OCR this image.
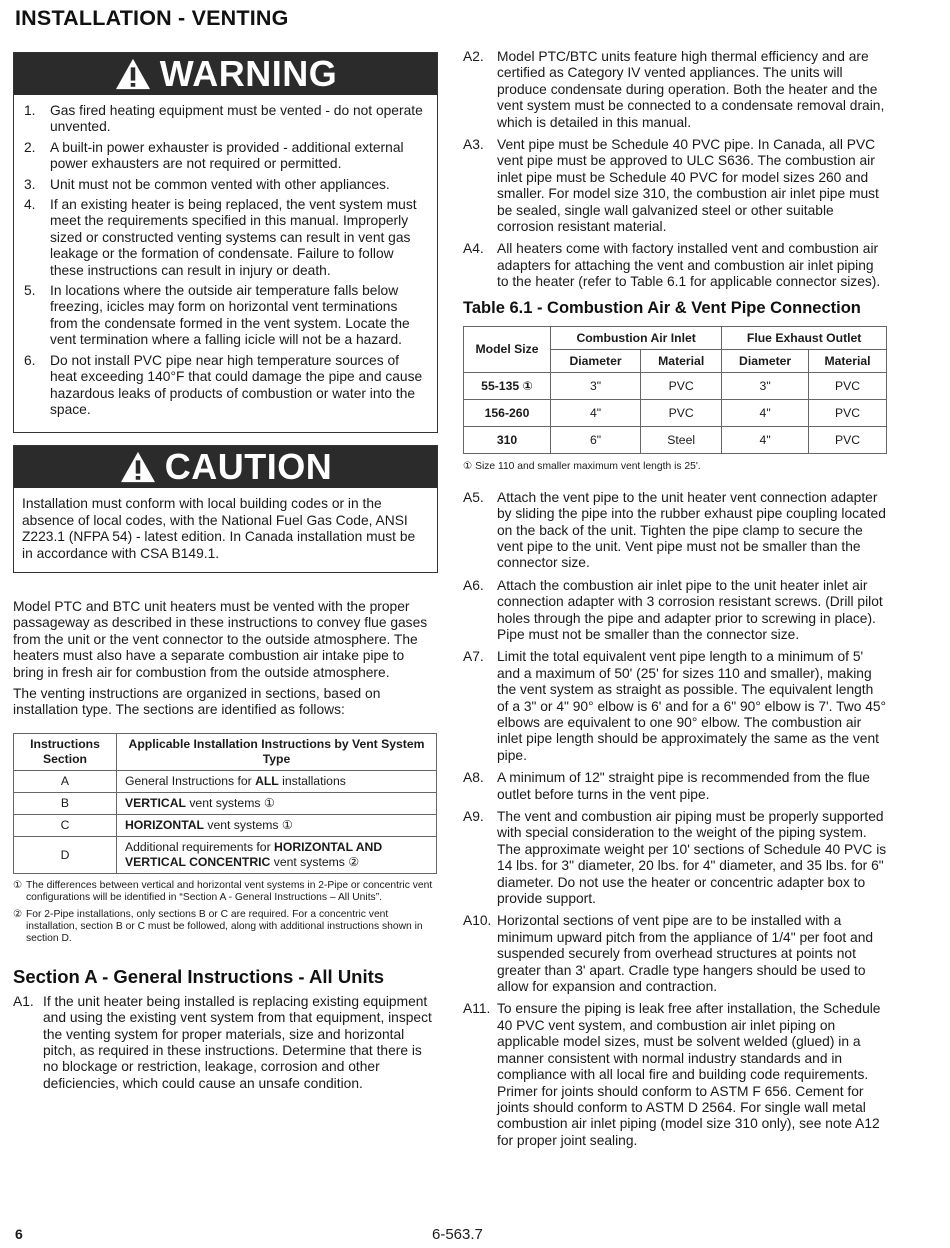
INSTALLATION - VENTING
WARNING
1.	Gas fired heating equipment must be vented - do not operate unvented.
2.	A built-in power exhauster is provided - additional external power exhausters are not required or permitted.
3.	Unit must not be common vented with other appliances.
4.	If an existing heater is being replaced, the vent system must meet the requirements specified in this manual. Improperly sized or constructed venting systems can result in vent gas leakage or the formation of condensate. Failure to follow these instructions can result in injury or death.
5.	In locations where the outside air temperature falls below freezing, icicles may form on horizontal vent terminations from the condensate formed in the vent system. Locate the vent termination where a falling icicle will not be a hazard.
6.	Do not install PVC pipe near high temperature sources of heat exceeding 140°F that could damage the pipe and cause hazardous leaks of products of combustion or water into the space.
CAUTION

Installation must conform with local building codes or in the absence of local codes, with the National Fuel Gas Code, ANSI Z223.1 (NFPA 54) - latest edition. In Canada installation must be in accordance with CSA B149.1.

Model PTC and BTC unit heaters must be vented with the proper passageway as described in these instructions to convey flue gases from the unit or the vent connector to the outside atmosphere. The heaters must also have a separate combustion air intake pipe to bring in fresh air for combustion from the outside atmosphere.

The venting instructions are organized in sections, based on installation type. The sections are identified as follows:

Instructions Section	Applicable Installation Instructions by Vent System Type
A	General Instructions for ALL installations
B	VERTICAL vent systems ①
C	HORIZONTAL vent systems ①
D	Additional requirements for HORIZONTAL AND
VERTICAL CONCENTRIC vent systems ②
① The differences between vertical and horizontal vent systems in 2-Pipe or concentric vent configurations will be identified in “Section A - General Instructions – All Units”.
② For 2-Pipe installations, only sections B or C are required. For a concentric vent installation, section B or C must be followed, along with additional instructions shown in section D.
Section A - General Instructions - All Units
A1. If the unit heater being installed is replacing existing equipment and using the existing vent system from that equipment, inspect the venting system for proper materials, size and horizontal pitch, as required in these instructions. Determine that there is no blockage or restriction, leakage, corrosion and other deficiencies, which could cause an unsafe condition.
A2. Model PTC/BTC units feature high thermal efficiency and are certified as Category IV vented appliances. The units will produce condensate during operation. Both the heater and the vent system must be connected to a condensate removal drain, which is detailed in this manual.
A3. Vent pipe must be Schedule 40 PVC pipe. In Canada, all PVC vent pipe must be approved to ULC S636. The combustion air inlet pipe must be Schedule 40 PVC for model sizes 260 and smaller. For model size 310, the combustion air inlet pipe must be sealed, single wall galvanized steel or other suitable corrosion resistant material.
A4. All heaters come with factory installed vent and combustion air adapters for attaching the vent and combustion air inlet piping to the heater (refer to Table 6.1 for applicable connector sizes).
Table 6.1 - Combustion Air & Vent Pipe Connection
Model Size	Combustion Air Inlet		Flue Exhaust Outlet	
	Diameter	Material	Diameter	Material
55-135 ①	3"	PVC	3"	PVC
156-260	4"	PVC	4"	PVC
310	6"	Steel	4"	PVC

① Size 110 and smaller maximum vent length is 25'.

A5. Attach the vent pipe to the unit heater vent connection adapter by sliding the pipe into the rubber exhaust pipe coupling located on the back of the unit. Tighten the pipe clamp to secure the vent pipe to the unit. Vent pipe must not be smaller than the connector size.
A6. Attach the combustion air inlet pipe to the unit heater inlet air connection adapter with 3 corrosion resistant screws. (Drill pilot holes through the pipe and adapter prior to screwing in place). Pipe must not be smaller than the connector size.
A7. Limit the total equivalent vent pipe length to a minimum of 5' and a maximum of 50' (25' for sizes 110 and smaller), making the vent system as straight as possible. The equivalent length of a 3" or 4" 90° elbow is 6' and for a 6" 90° elbow is 7'. Two 45° elbows are equivalent to one 90° elbow. The combustion air inlet pipe length should be approximately the same as the vent pipe.
A8. A minimum of 12" straight pipe is recommended from the flue outlet before turns in the vent pipe.
A9. The vent and combustion air piping must be properly supported with special consideration to the weight of the piping system. The approximate weight per 10' sections of Schedule 40 PVC is 14 lbs. for 3" diameter, 20 lbs. for 4" diameter, and 35 lbs. for 6" diameter. Do not use the heater or concentric adapter box to provide support.
A10. Horizontal sections of vent pipe are to be installed with a minimum upward pitch from the appliance of 1/4" per foot and suspended securely from overhead structures at points not greater than 3' apart. Cradle type hangers should be used to allow for expansion and contraction.
A11. To ensure the piping is leak free after installation, the Schedule 40 PVC vent system, and combustion air inlet piping on applicable model sizes, must be solvent welded (glued) in a manner consistent with normal industry standards and in compliance with all local fire and building code requirements. Primer for joints should conform to ASTM F 656. Cement for joints should conform to ASTM D 2564. For single wall metal combustion air inlet piping (model size 310 only), see note A12 for proper joint sealing.
6	6-563.7
